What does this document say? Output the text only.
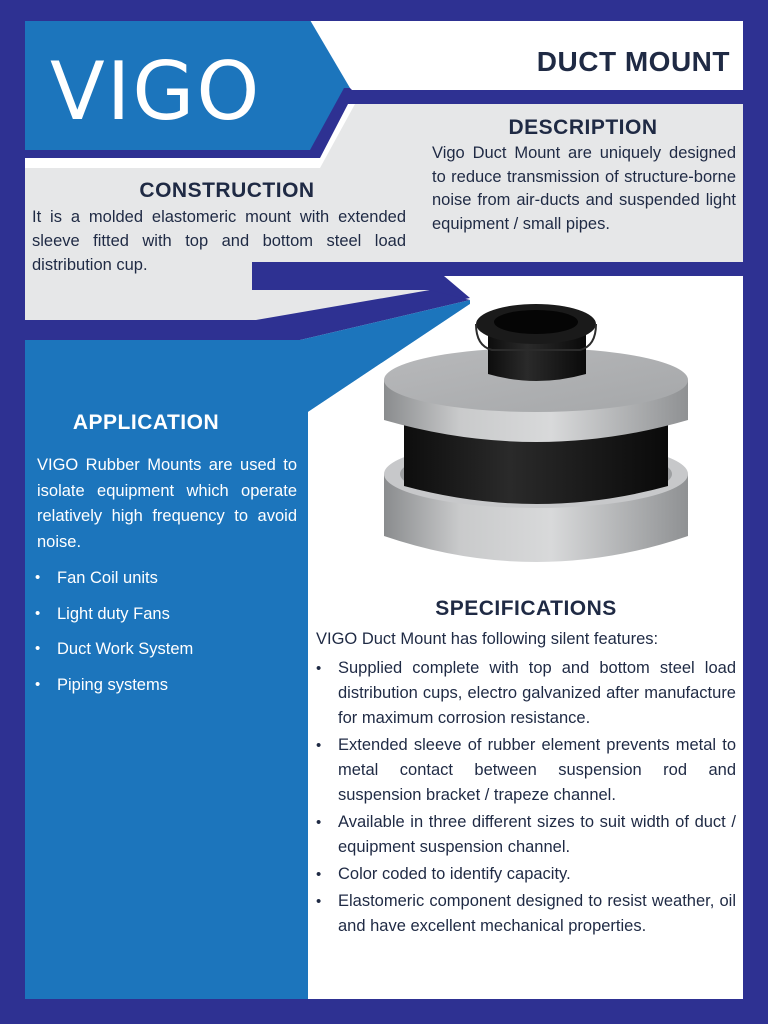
VIGO	DUCT MOUNT
DESCRIPTION

Vigo Duct Mount are uniquely designed to reduce transmission of structure-borne noise from air-ducts and suspended light equipment / small pipes.

CONSTRUCTION

It is a molded elastomeric mount with extended sleeve fitted with top and bottom steel load distribution cup.

APPLICATION

VIGO Rubber Mounts are used to isolate equipment which operate relatively high frequency to avoid noise.

• Fan Coil units
• Light duty Fans
• Duct Work System
• Piping systems
SPECIFICATIONS

VIGO Duct Mount has following silent features:

• Supplied complete with top and bottom steel load distribution cups, electro galvanized after manufacture for maximum corrosion resistance.
• Extended sleeve of rubber element prevents metal to metal contact between suspension rod and suspension bracket / trapeze channel.
• Available in three different sizes to suit width of duct / equipment suspension channel.
• Color coded to identify capacity.
• Elastomeric component designed to resist weather, oil and have excellent mechanical properties.
